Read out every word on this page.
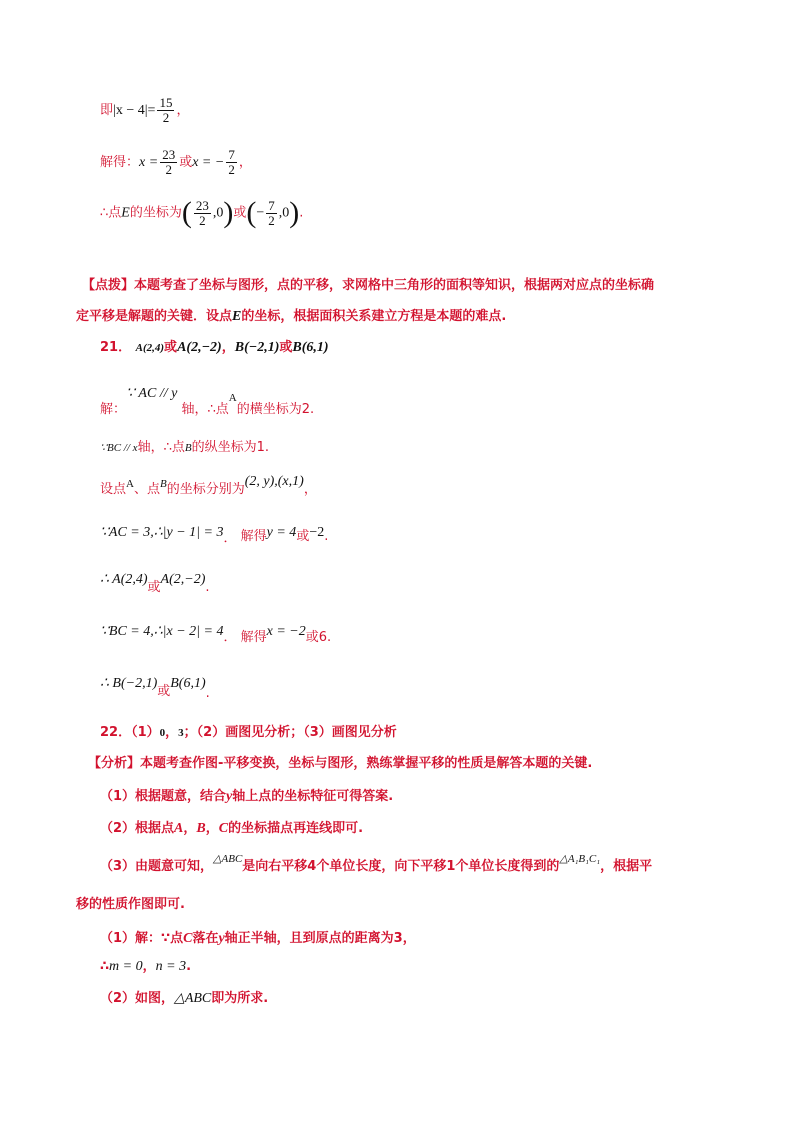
即$|x - 4|= \frac{15}{2}$ ，
解得：$x = \frac{23}{2}$ 或x = − $\frac{7}{2}$ ，
∴点E的坐标为( $\frac{23}{2} ,0$)或(− $\frac{7}{2} ,0$).
【点拨】本题考查了坐标与图形，点的平移，求网格中三角形的面积等知识，根据两对应点的坐标确
定平移是解题的关键．设点E的坐标，根据面积关系建立方程是本题的难点.
21． A(2,4)或A(2,−2)，B(−2,1)或B(6,1)
解：∵ AC // y 轴，∴点A的横坐标为2.
∵BC // x轴，∴点B的纵坐标为1.
设点A、点B的坐标分别为(2, y),(x,1)，
∵AC = 3,∴|y − 1| = 3． 解得y = 4或−2.
∴ A(2,4)或A(2,−2).
∵BC = 4,∴|x − 2| = 4． 解得x = −2或6.
∴ B(−2,1)或B(6,1).
22．（1）0，3；（2）画图见分析；（3）画图见分析
【分析】本题考查作图-平移变换，坐标与图形，熟练掌握平移的性质是解答本题的关键.
（1）根据题意，结合y轴上点的坐标特征可得答案.
（2）根据点A，B，C的坐标描点再连线即可.
（3）由题意可知，△ABC是向右平移4个单位长度，向下平移1个单位长度得到的△A₁B₁C₁，根据平
移的性质作图即可.
（1）解：∵点C落在y轴正半轴，且到原点的距离为3，
∴m = 0，n = 3.
（2）如图，△ABC即为所求.
